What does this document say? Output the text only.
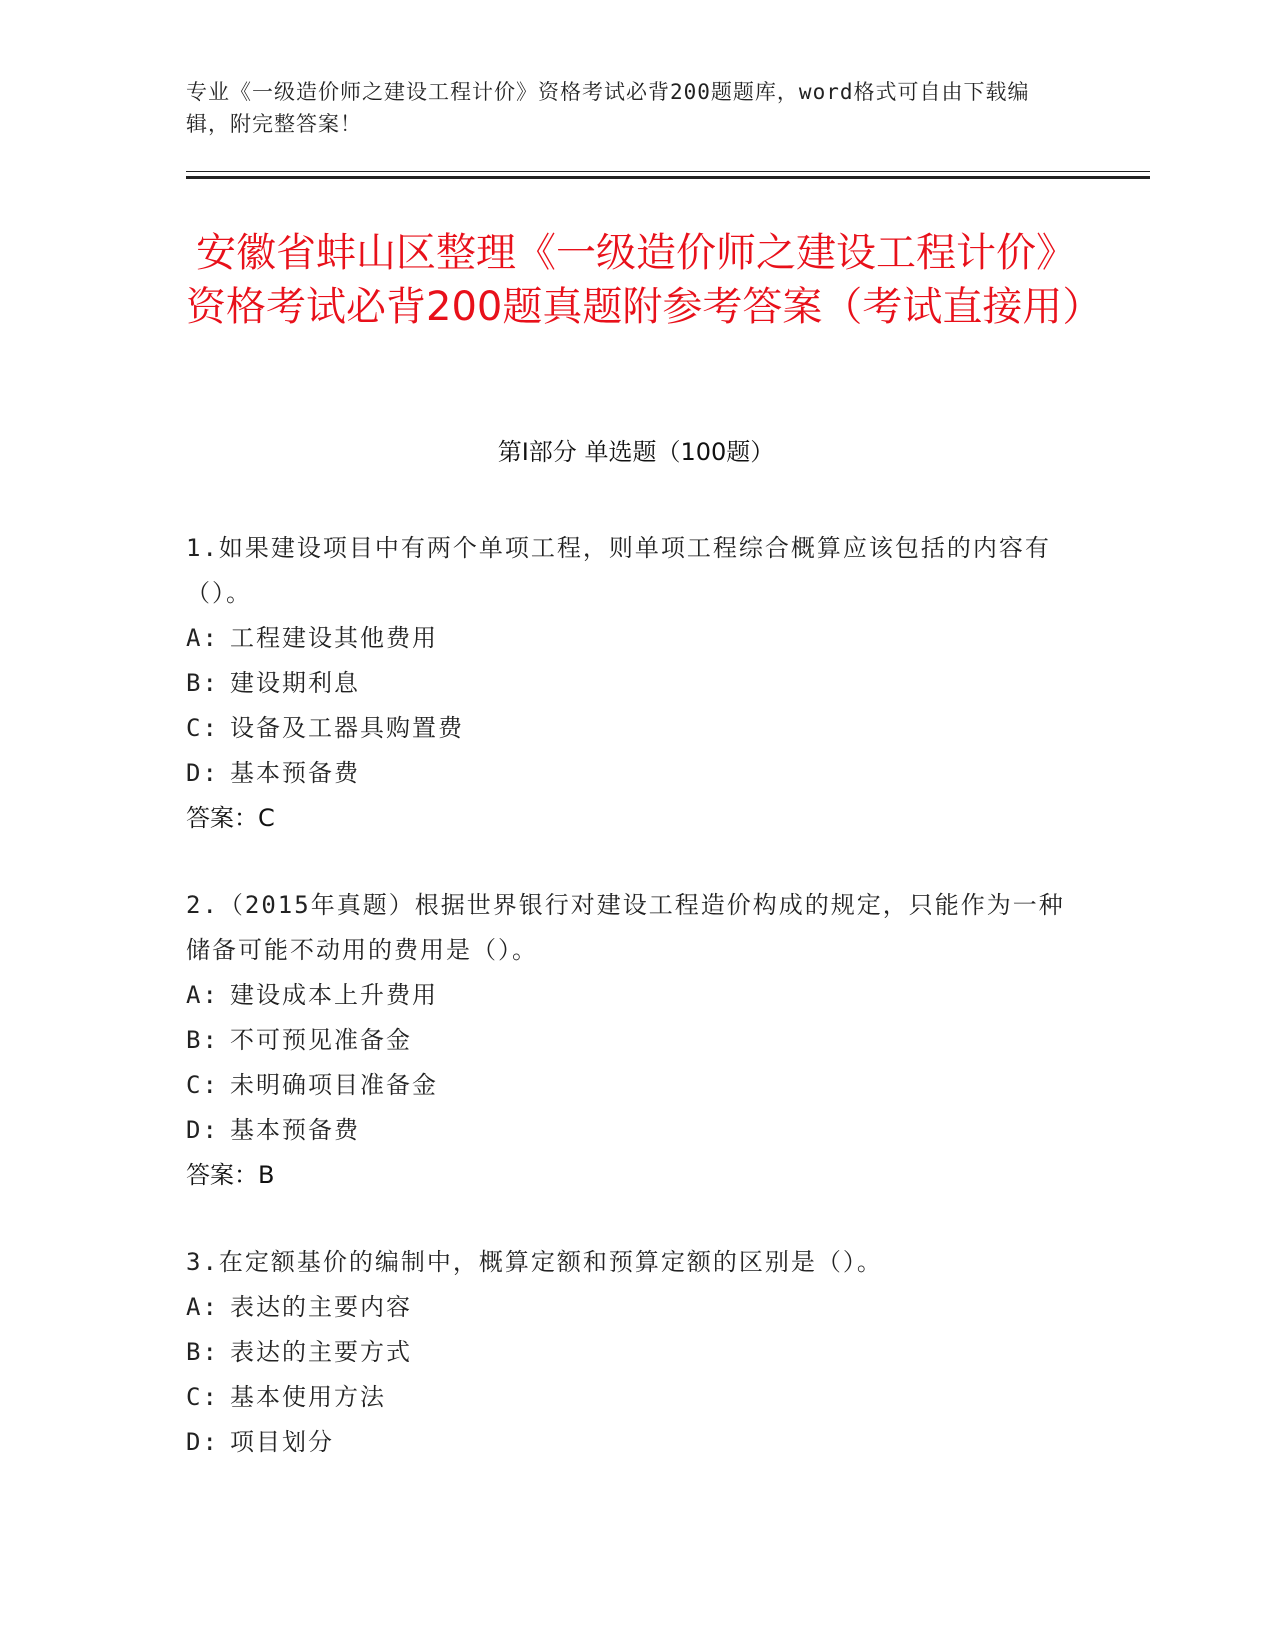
专业《一级造价师之建设工程计价》资格考试必背200题题库，word格式可自由下载编辑，附完整答案！
安徽省蚌山区整理《一级造价师之建设工程计价》资格考试必背200题真题附参考答案（考试直接用）
第Ⅰ部分 单选题（100题）
1.如果建设项目中有两个单项工程，则单项工程综合概算应该包括的内容有（）。
A: 工程建设其他费用
B: 建设期利息
C: 设备及工器具购置费
D: 基本预备费
答案：C
2.（2015年真题）根据世界银行对建设工程造价构成的规定，只能作为一种储备可能不动用的费用是（）。
A: 建设成本上升费用
B: 不可预见准备金
C: 未明确项目准备金
D: 基本预备费
答案：B
3.在定额基价的编制中，概算定额和预算定额的区别是（）。
A: 表达的主要内容
B: 表达的主要方式
C: 基本使用方法
D: 项目划分
